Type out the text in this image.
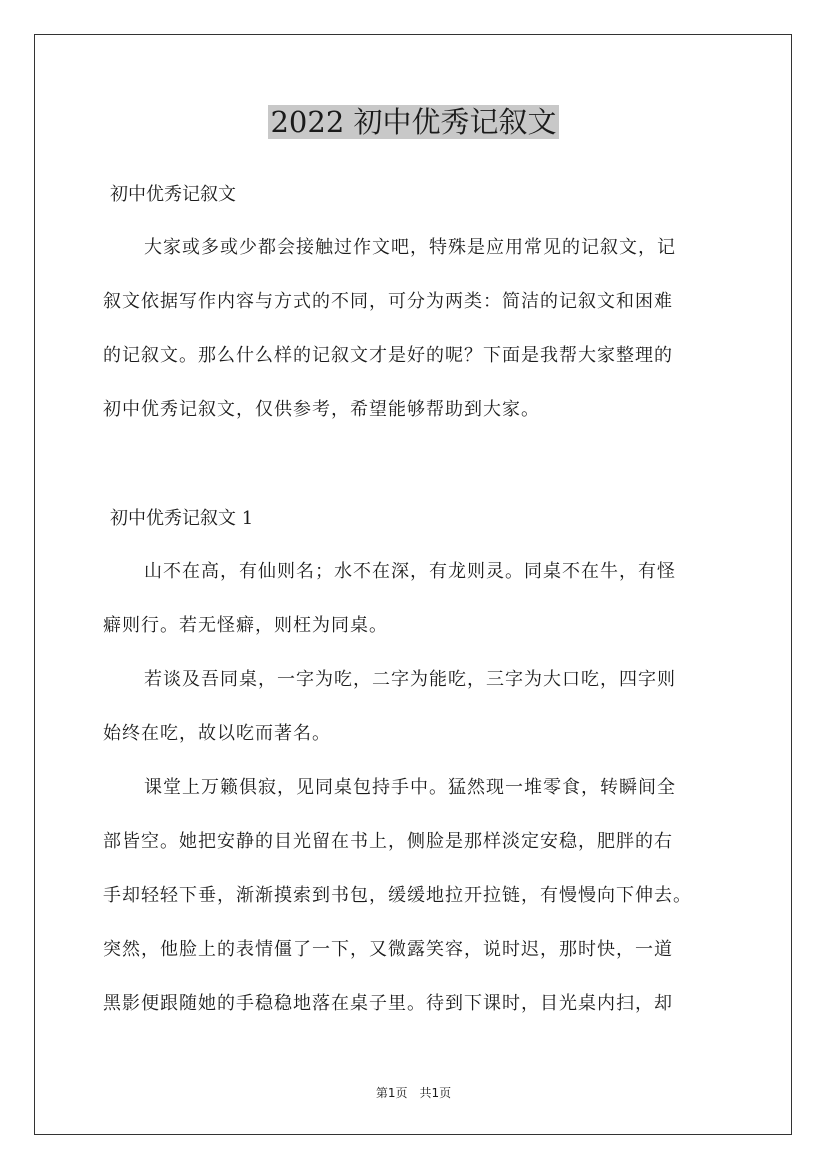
2022 初中优秀记叙文
初中优秀记叙文
大家或多或少都会接触过作文吧，特殊是应用常见的记叙文，记
叙文依据写作内容与方式的不同，可分为两类：简洁的记叙文和困难
的记叙文。那么什么样的记叙文才是好的呢？下面是我帮大家整理的
初中优秀记叙文，仅供参考，希望能够帮助到大家。
初中优秀记叙文 1
山不在高，有仙则名；水不在深，有龙则灵。同桌不在牛，有怪
癖则行。若无怪癖，则枉为同桌。
若谈及吾同桌，一字为吃，二字为能吃，三字为大口吃，四字则
始终在吃，故以吃而著名。
课堂上万籁俱寂，见同桌包持手中。猛然现一堆零食，转瞬间全
部皆空。她把安静的目光留在书上，侧脸是那样淡定安稳，肥胖的右
手却轻轻下垂，渐渐摸索到书包，缓缓地拉开拉链，有慢慢向下伸去。
突然，他脸上的表情僵了一下，又微露笑容，说时迟，那时快，一道
黑影便跟随她的手稳稳地落在桌子里。待到下课时，目光桌内扫，却
第1页　共1页
